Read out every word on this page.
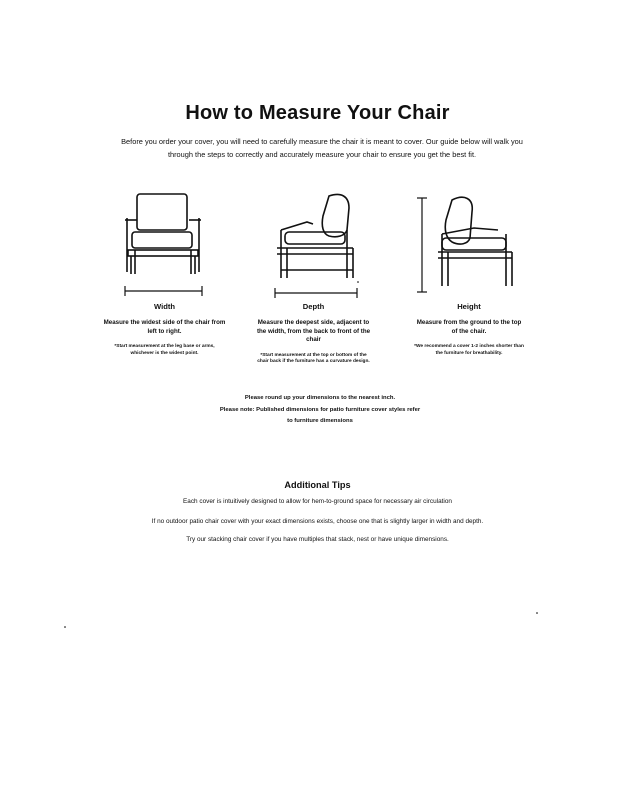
How to Measure Your Chair
Before you order your cover, you will need to carefully measure the chair it is meant to cover. Our guide below will walk you through the steps to correctly and accurately measure your chair to ensure you get the best fit.
Width
Measure the widest side of the chair from left to right.
*Start measurement at the leg base or arms, whichever is the widest point.
Depth
Measure the deepest side, adjacent to the width, from the back to front of the chair
*Start measurement at the top or bottom of the chair back if the furniture has a curvature design.
Height
Measure from the ground to the top of the chair.
*We recommend a cover 1-2 inches shorter than the furniture for breathability.
Please round up your dimensions to the nearest inch.
Please note: Published dimensions for patio furniture cover styles refer
to furniture dimensions
Additional Tips
Each cover is intuitively designed to allow for hem-to-ground space for necessary air circulation
If no outdoor patio chair cover with your exact dimensions exists, choose one that is slightly larger in width and depth.
Try our stacking chair cover if you have multiples that stack, nest or have unique dimensions.
